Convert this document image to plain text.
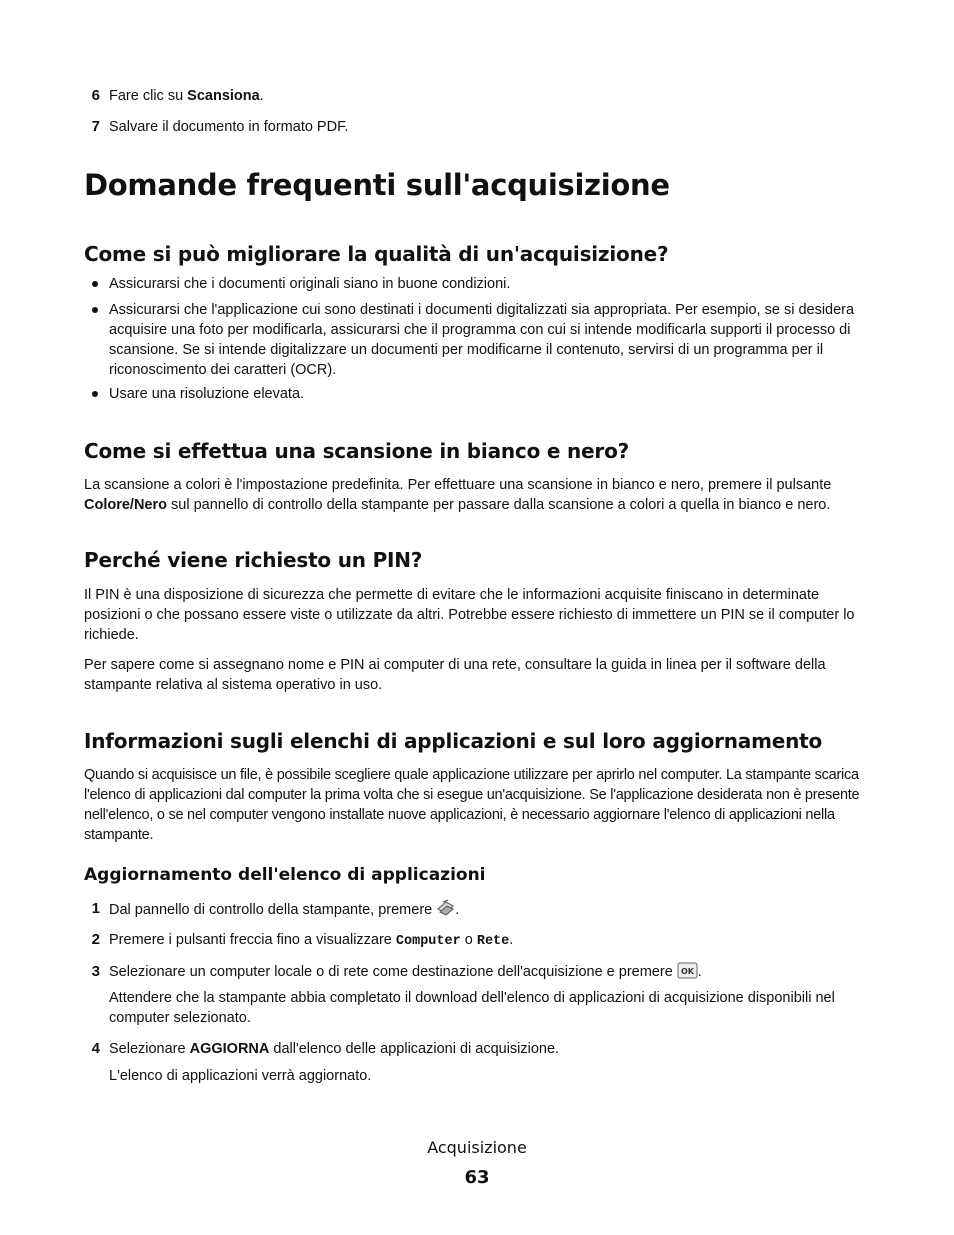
6 Fare clic su Scansiona.
7 Salvare il documento in formato PDF.
Domande frequenti sull'acquisizione
Come si può migliorare la qualità di un'acquisizione?
Assicurarsi che i documenti originali siano in buone condizioni.
Assicurarsi che l'applicazione cui sono destinati i documenti digitalizzati sia appropriata. Per esempio, se si desidera acquisire una foto per modificarla, assicurarsi che il programma con cui si intende modificarla supporti il processo di scansione. Se si intende digitalizzare un documenti per modificarne il contenuto, servirsi di un programma per il riconoscimento dei caratteri (OCR).
Usare una risoluzione elevata.
Come si effettua una scansione in bianco e nero?

La scansione a colori è l'impostazione predefinita. Per effettuare una scansione in bianco e nero, premere il pulsante Colore/Nero sul pannello di controllo della stampante per passare dalla scansione a colori a quella in bianco e nero.

Perché viene richiesto un PIN?

Il PIN è una disposizione di sicurezza che permette di evitare che le informazioni acquisite finiscano in determinate posizioni o che possano essere viste o utilizzate da altri. Potrebbe essere richiesto di immettere un PIN se il computer lo richiede.

Per sapere come si assegnano nome e PIN ai computer di una rete, consultare la guida in linea per il software della stampante relativa al sistema operativo in uso.

Informazioni sugli elenchi di applicazioni e sul loro aggiornamento

Quando si acquisisce un file, è possibile scegliere quale applicazione utilizzare per aprirlo nel computer. La stampante scarica l'elenco di applicazioni dal computer la prima volta che si esegue un'acquisizione. Se l'applicazione desiderata non è presente nell'elenco, o se nel computer vengono installate nuove applicazioni, è necessario aggiornare l'elenco di applicazioni nella stampante.

Aggiornamento dell'elenco di applicazioni
1 Dal pannello di controllo della stampante, premere .
2 Premere i pulsanti freccia fino a visualizzare Computer o Rete.
3 Selezionare un computer locale o di rete come destinazione dell'acquisizione e premere OK .
Attendere che la stampante abbia completato il download dell'elenco di applicazioni di acquisizione disponibili nel computer selezionato.
4 Selezionare AGGIORNA dall'elenco delle applicazioni di acquisizione.
L'elenco di applicazioni verrà aggiornato.
Acquisizione
63
